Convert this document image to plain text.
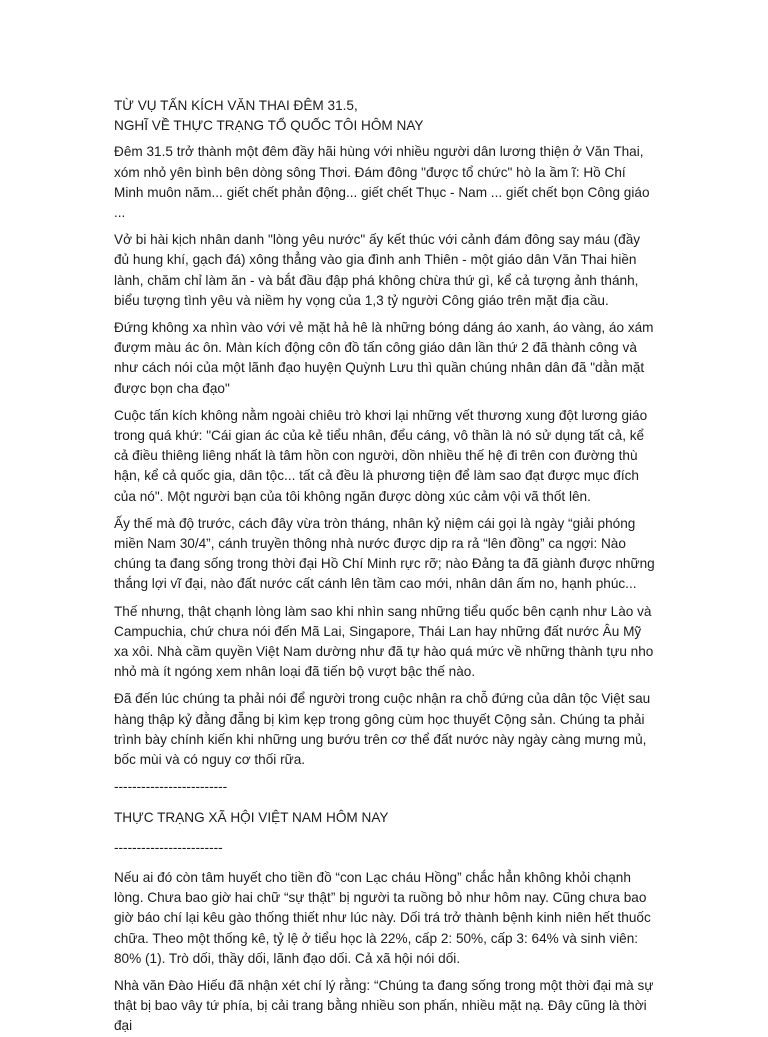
TỪ VỤ TẤN KÍCH VĂN THAI ĐÊM 31.5,
NGHĨ VỀ THỰC TRẠNG TỔ QUỐC TÔI HÔM NAY

Đêm 31.5 trở thành một đêm đầy hãi hùng với nhiều người dân lương thiện ở Văn Thai, xóm nhỏ yên bình bên dòng sông Thơi. Đám đông "được tổ chức" hò la ầm ĩ: Hồ Chí Minh muôn năm... giết chết phản động... giết chết Thục - Nam ... giết chết bọn Công giáo ...

Vở bi hài kịch nhân danh "lòng yêu nước" ấy kết thúc với cảnh đám đông say máu (đầy đủ hung khí, gạch đá) xông thẳng vào gia đình anh Thiên - một giáo dân Văn Thai hiền lành, chăm chỉ làm ăn - và bắt đầu đập phá không chừa thứ gì, kể cả tượng ảnh thánh, biểu tượng tình yêu và niềm hy vọng của 1,3 tỷ người Công giáo trên mặt địa cầu.

Đứng không xa nhìn vào với vẻ mặt hả hê là những bóng dáng áo xanh, áo vàng, áo xám đượm màu ác ôn. Màn kích động côn đồ tấn công giáo dân lần thứ 2 đã thành công và như cách nói của một lãnh đạo huyện Quỳnh Lưu thì quần chúng nhân dân đã "dằn mặt được bọn cha đạo"

Cuộc tấn kích không nằm ngoài chiêu trò khơi lại những vết thương xung đột lương giáo trong quá khứ: "Cái gian ác của kẻ tiểu nhân, đểu cáng, vô thần là nó sử dụng tất cả, kể cả điều thiêng liêng nhất là tâm hồn con người, dồn nhiều thế hệ đi trên con đường thù hận, kể cả quốc gia, dân tộc... tất cả đều là phương tiện để làm sao đạt được mục đích của nó". Một người bạn của tôi không ngăn được dòng xúc cảm vội vã thốt lên.

Ấy thế mà độ trước, cách đây vừa tròn tháng, nhân kỷ niệm cái gọi là ngày “giải phóng miền Nam 30/4”, cánh truyền thông nhà nước được dịp ra rả “lên đồng” ca ngợi: Nào chúng ta đang sống trong thời đại Hồ Chí Minh rực rỡ; nào Đảng ta đã giành được những thắng lợi vĩ đại, nào đất nước cất cánh lên tầm cao mới, nhân dân ấm no, hạnh phúc...

Thế nhưng, thật chạnh lòng làm sao khi nhìn sang những tiểu quốc bên cạnh như Lào và Campuchia, chứ chưa nói đến Mã Lai, Singapore, Thái Lan hay những đất nước Âu Mỹ xa xôi. Nhà cầm quyền Việt Nam dường như đã tự hào quá mức về những thành tựu nho nhỏ mà ít ngóng xem nhân loại đã tiến bộ vượt bậc thế nào.

Đã đến lúc chúng ta phải nói để người trong cuộc nhận ra chỗ đứng của dân tộc Việt sau hàng thập kỷ đằng đẵng bị kìm kẹp trong gông cùm học thuyết Cộng sản. Chúng ta phải trình bày chính kiến khi những ung bướu trên cơ thể đất nước này ngày càng mưng mủ, bốc mùi và có nguy cơ thối rữa.

-------------------------
THỰC TRẠNG XÃ HỘI VIỆT NAM HÔM NAY
------------------------

Nếu ai đó còn tâm huyết cho tiền đồ “con Lạc cháu Hồng” chắc hẳn không khỏi chạnh lòng. Chưa bao giờ hai chữ “sự thật” bị người ta ruồng bỏ như hôm nay. Cũng chưa bao giờ báo chí lại kêu gào thống thiết như lúc này. Dối trá trở thành bệnh kinh niên hết thuốc chữa. Theo một thống kê, tỷ lệ ở tiểu học là 22%, cấp 2: 50%, cấp 3: 64% và sinh viên: 80% (1). Trò dối, thầy dối, lãnh đạo dối. Cả xã hội nói dối.

Nhà văn Đào Hiếu đã nhận xét chí lý rằng: “Chúng ta đang sống trong một thời đại mà sự thật bị bao vây tứ phía, bị cải trang bằng nhiều son phấn, nhiều mặt nạ. Đây cũng là thời đại
